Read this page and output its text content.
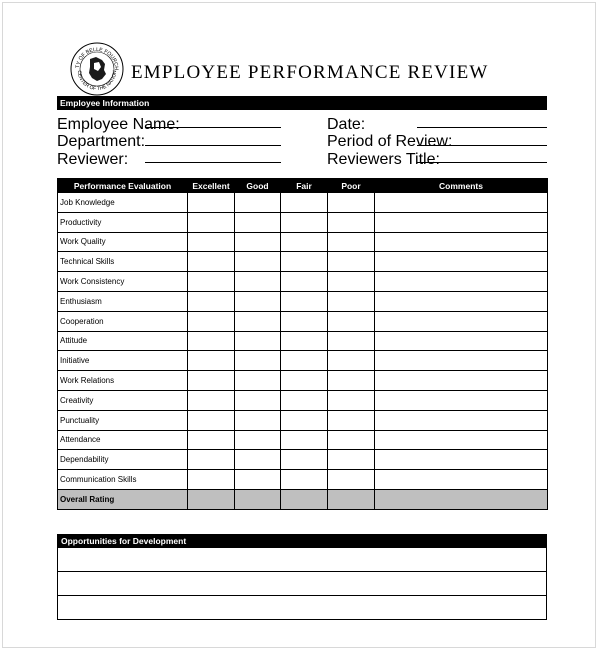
TY OF BELLE FOURCH
CENTER OF THE NATION EMPLOYEE PERFORMANCE REVIEW
Employee Information
Employee Name:
Department:
Reviewer:
Date:
Period of Review:
Reviewers Title:
Performance Evaluation	Excellent	Good	Fair	Poor	Comments
Job Knowledge					
Productivity					
Work Quality					
Technical Skills					
Work Consistency					
Enthusiasm					
Cooperation					
Attitude					
Initiative					
Work Relations					
Creativity					
Punctuality					
Attendance					
Dependability					
Communication Skills					
Overall Rating					
Opportunities for Development
